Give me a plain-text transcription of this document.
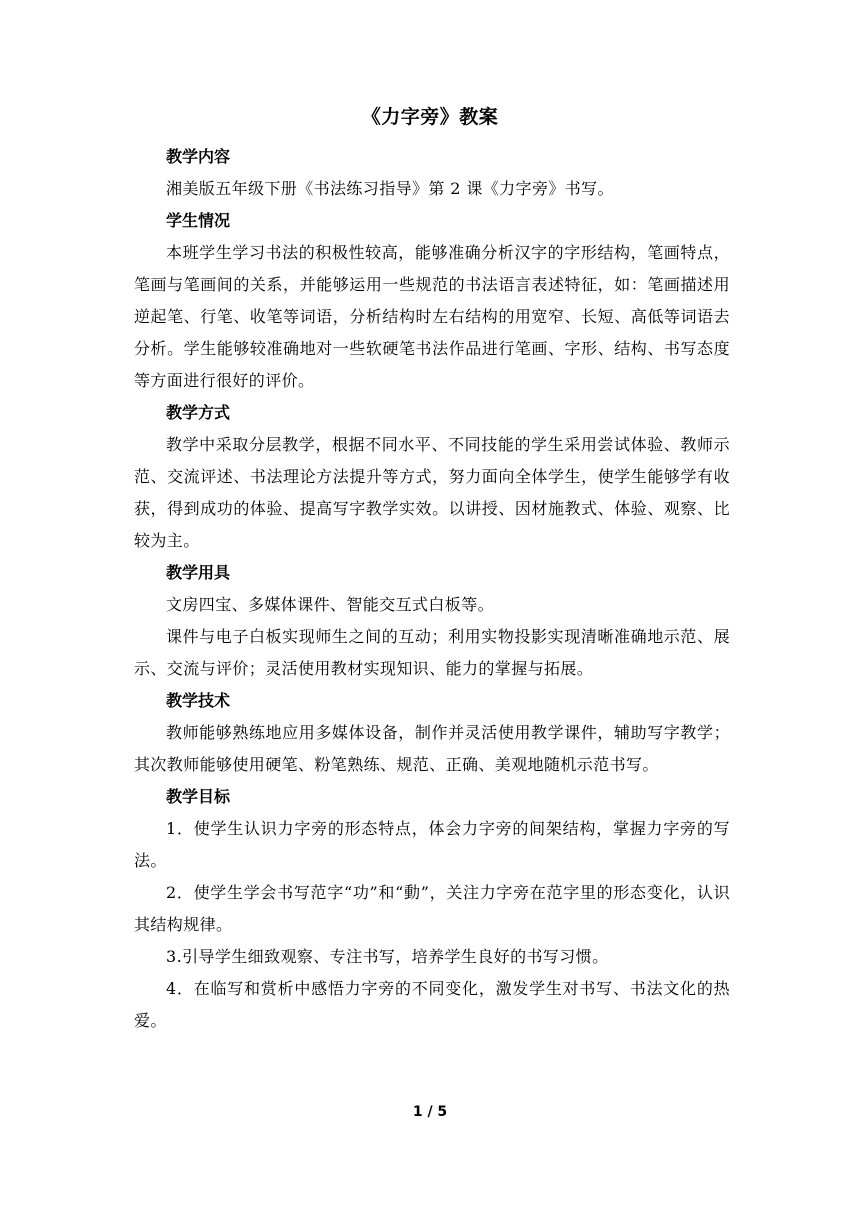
《力字旁》教案

教学内容

湘美版五年级下册《书法练习指导》第 2 课《力字旁》书写。

学生情况

本班学生学习书法的积极性较高，能够准确分析汉字的字形结构，笔画特点，笔画与笔画间的关系，并能够运用一些规范的书法语言表述特征，如：笔画描述用逆起笔、行笔、收笔等词语，分析结构时左右结构的用宽窄、长短、高低等词语去分析。学生能够较准确地对一些软硬笔书法作品进行笔画、字形、结构、书写态度等方面进行很好的评价。

教学方式

教学中采取分层教学，根据不同水平、不同技能的学生采用尝试体验、教师示范、交流评述、书法理论方法提升等方式，努力面向全体学生，使学生能够学有收获，得到成功的体验、提高写字教学实效。以讲授、因材施教式、体验、观察、比较为主。

教学用具

文房四宝、多媒体课件、智能交互式白板等。

课件与电子白板实现师生之间的互动；利用实物投影实现清晰准确地示范、展示、交流与评价；灵活使用教材实现知识、能力的掌握与拓展。

教学技术

教师能够熟练地应用多媒体设备，制作并灵活使用教学课件，辅助写字教学；其次教师能够使用硬笔、粉笔熟练、规范、正确、美观地随机示范书写。

教学目标

1．使学生认识力字旁的形态特点，体会力字旁的间架结构，掌握力字旁的写法。

2．使学生学会书写范字“功”和“動”，关注力字旁在范字里的形态变化，认识其结构规律。

3.引导学生细致观察、专注书写，培养学生良好的书写习惯。

4．在临写和赏析中感悟力字旁的不同变化，激发学生对书写、书法文化的热爱。

1 / 5
